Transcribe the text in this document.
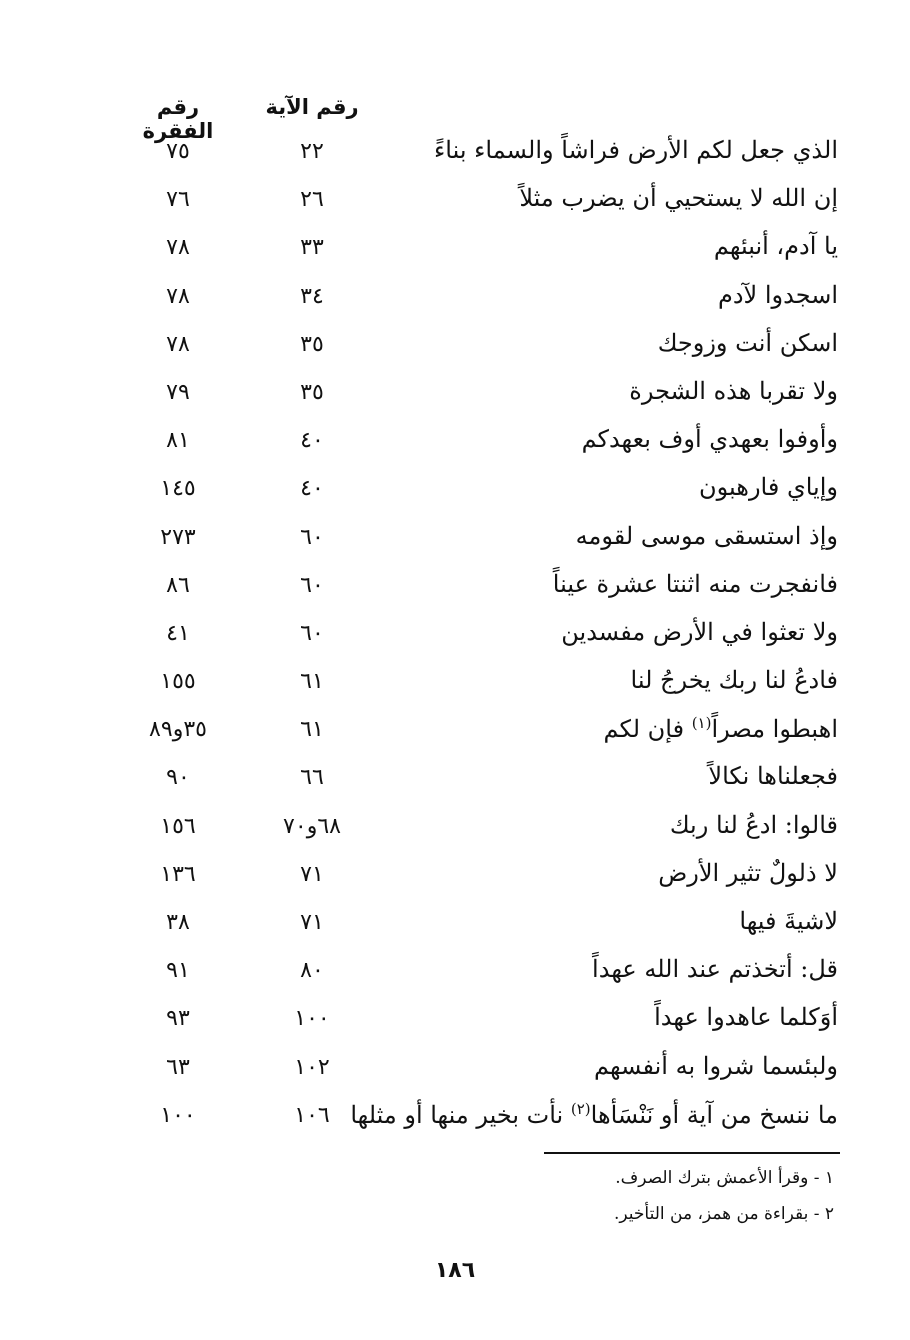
رقم الآية
رقم الفقرة
الذي جعل لكم الأرض فراشاً والسماء بناءً
٢٢
٧٥
إن الله لا يستحيي أن يضرب مثلاً
٢٦
٧٦
يا آدم، أنبئهم
٣٣
٧٨
اسجدوا لآدم
٣٤
٧٨
اسكن أنت وزوجك
٣٥
٧٨
ولا تقربا هذه الشجرة
٣٥
٧٩
وأوفوا بعهدي أوف بعهدكم
٤٠
٨١
وإياي فارهبون
٤٠
١٤٥
وإذ استسقى موسى لقومه
٦٠
٢٧٣
فانفجرت منه اثنتا عشرة عيناً
٦٠
٨٦
ولا تعثوا في الأرض مفسدين
٦٠
٤١
فادعُ لنا ربك يخرجُ لنا
٦١
١٥٥
اهبطوا مصراً$^{(١)}$ فإن لكم
٦١
٣٥و٨٩
فجعلناها نكالاً
٦٦
٩٠
قالوا: ادعُ لنا ربك
٦٨و٧٠
١٥٦
لا ذلولٌ تثير الأرض
٧١
١٣٦
لاشيةَ فيها
٧١
٣٨
قل: أتخذتم عند الله عهداً
٨٠
٩١
أوَكلما عاهدوا عهداً
١٠٠
٩٣
ولبئسما شروا به أنفسهم
١٠٢
٦٣
ما ننسخ من آية أو نَنْسَأها$^{(٢)}$ نأت بخير منها أو مثلها
١٠٦
١٠٠
١ - وقرأ الأعمش بترك الصرف.
٢ - بقراءة من همز، من التأخير.
١٨٦
